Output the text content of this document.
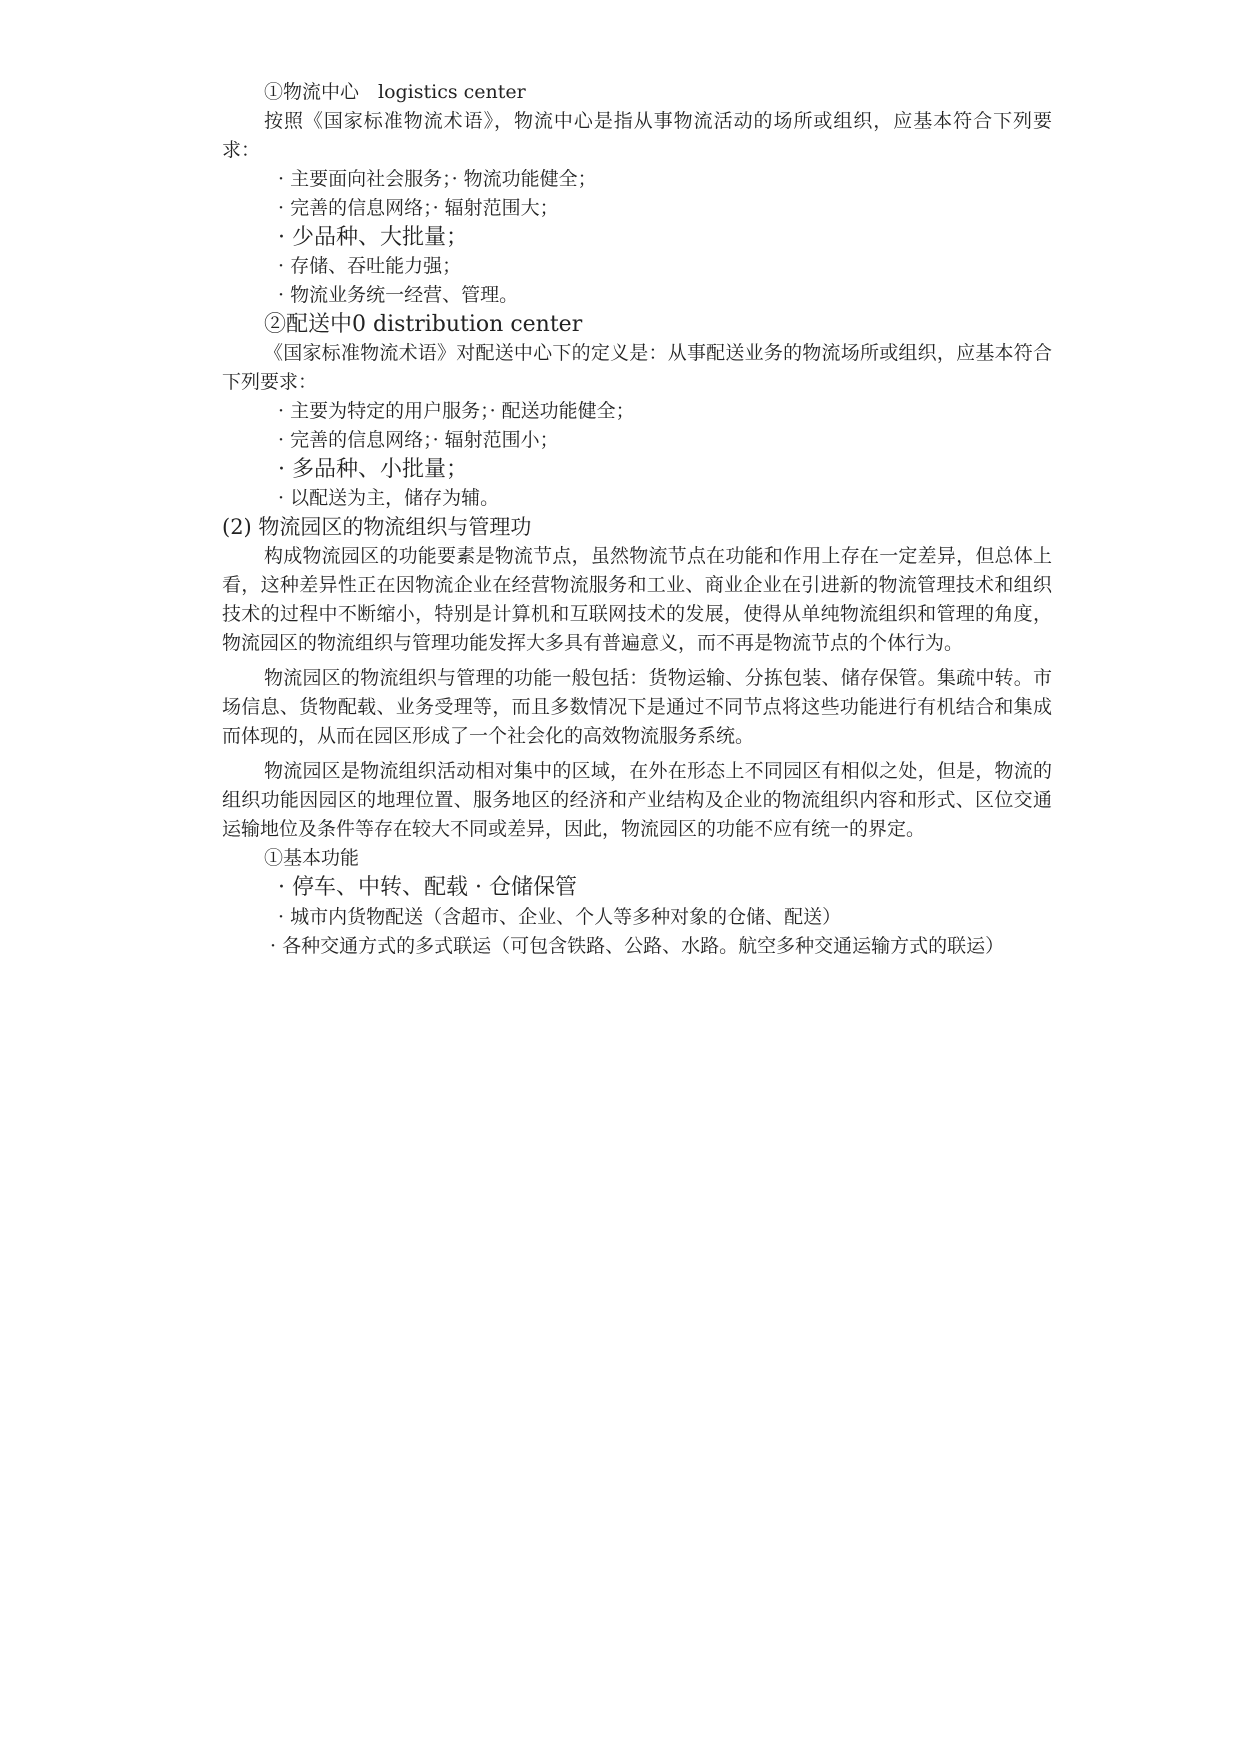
①物流中心　logistics center

按照《国家标准物流术语》，物流中心是指从事物流活动的场所或组织，应基本符合下列要求：

· 主要面向社会服务；· 物流功能健全；
· 完善的信息网络；· 辐射范围大；
· 少品种、大批量；
· 存储、吞吐能力强；
· 物流业务统一经营、管理。
②配送中0 distribution center

《国家标准物流术语》对配送中心下的定义是：从事配送业务的物流场所或组织，应基本符合下列要求：

· 主要为特定的用户服务；· 配送功能健全；
· 完善的信息网络；· 辐射范围小；
· 多品种、小批量；
· 以配送为主，储存为辅。
(2) 物流园区的物流组织与管理功

构成物流园区的功能要素是物流节点，虽然物流节点在功能和作用上存在一定差异，但总体上看，这种差异性正在因物流企业在经营物流服务和工业、商业企业在引进新的物流管理技术和组织技术的过程中不断缩小，特别是计算机和互联网技术的发展，使得从单纯物流组织和管理的角度，物流园区的物流组织与管理功能发挥大多具有普遍意义，而不再是物流节点的个体行为。

物流园区的物流组织与管理的功能一般包括：货物运输、分拣包装、储存保管。集疏中转。市场信息、货物配载、业务受理等，而且多数情况下是通过不同节点将这些功能进行有机结合和集成而体现的，从而在园区形成了一个社会化的高效物流服务系统。

物流园区是物流组织活动相对集中的区域，在外在形态上不同园区有相似之处，但是，物流的组织功能因园区的地理位置、服务地区的经济和产业结构及企业的物流组织内容和形式、区位交通运输地位及条件等存在较大不同或差异，因此，物流园区的功能不应有统一的界定。

①基本功能
· 停车、中转、配载 · 仓储保管
· 城市内货物配送（含超市、企业、个人等多种对象的仓储、配送）

· 各种交通方式的多式联运（可包含铁路、公路、水路。航空多种交通运输方式的联运）
